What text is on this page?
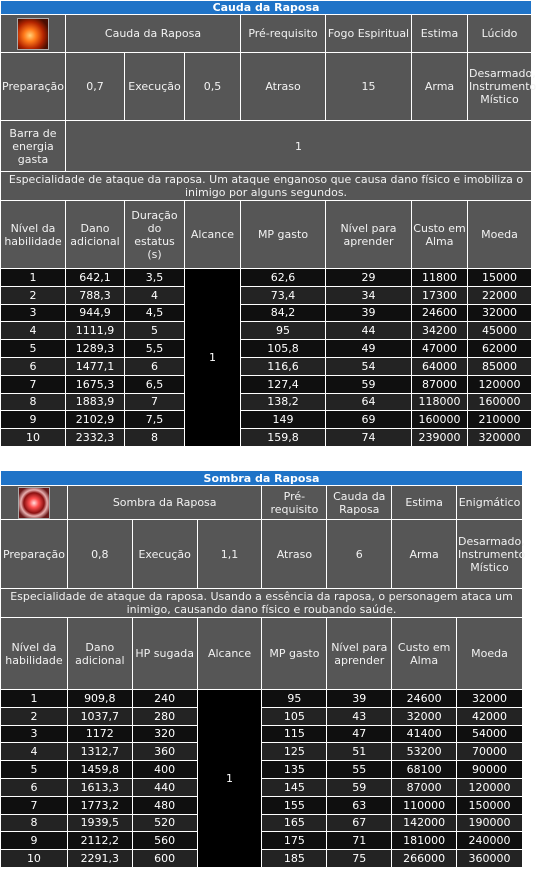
Cauda da Raposa							

	Cauda da Raposa			Pré-requisito	Fogo Espiritual	Estima	Lúcido
Preparação	0,7	Execução	0,5	Atraso	15	Arma	Desarmado, Instrumento Místico
Barra de energia gasta	1						
Especialidade de ataque da raposa. Um ataque enganoso que causa dano físico e imobiliza o inimigo por alguns segundos.							
Nível da habilidade	Dano adicional	Duração do estatus (s)	Alcance	MP gasto	Nível para aprender	Custo em Alma	Moeda
1	642,1	3,5	1	62,6	29	11800	15000
2	788,3	4		73,4	34	17300	22000
3	944,9	4,5		84,2	39	24600	32000
4	1111,9	5		95	44	34200	45000
5	1289,3	5,5		105,8	49	47000	62000
6	1477,1	6		116,6	54	64000	85000
7	1675,3	6,5		127,4	59	87000	120000
8	1883,9	7		138,2	64	118000	160000
9	2102,9	7,5		149	69	160000	210000
10	2332,3	8		159,8	74	239000	320000
Sombra da Raposa							

	Sombra da Raposa			Pré-requisito	Cauda da Raposa	Estima	Enigmático
Preparação	0,8	Execução	1,1	Atraso	6	Arma	Desarmado, Instrumento Místico
Especialidade de ataque da raposa. Usando a essência da raposa, o personagem ataca um inimigo, causando dano físico e roubando saúde.							
Nível da habilidade	Dano adicional	HP sugada	Alcance	MP gasto	Nível para aprender	Custo em Alma	Moeda
1	909,8	240	1	95	39	24600	32000
2	1037,7	280		105	43	32000	42000
3	1172	320		115	47	41400	54000
4	1312,7	360		125	51	53200	70000
5	1459,8	400		135	55	68100	90000
6	1613,3	440		145	59	87000	120000
7	1773,2	480		155	63	110000	150000
8	1939,5	520		165	67	142000	190000
9	2112,2	560		175	71	181000	240000
10	2291,3	600		185	75	266000	360000
